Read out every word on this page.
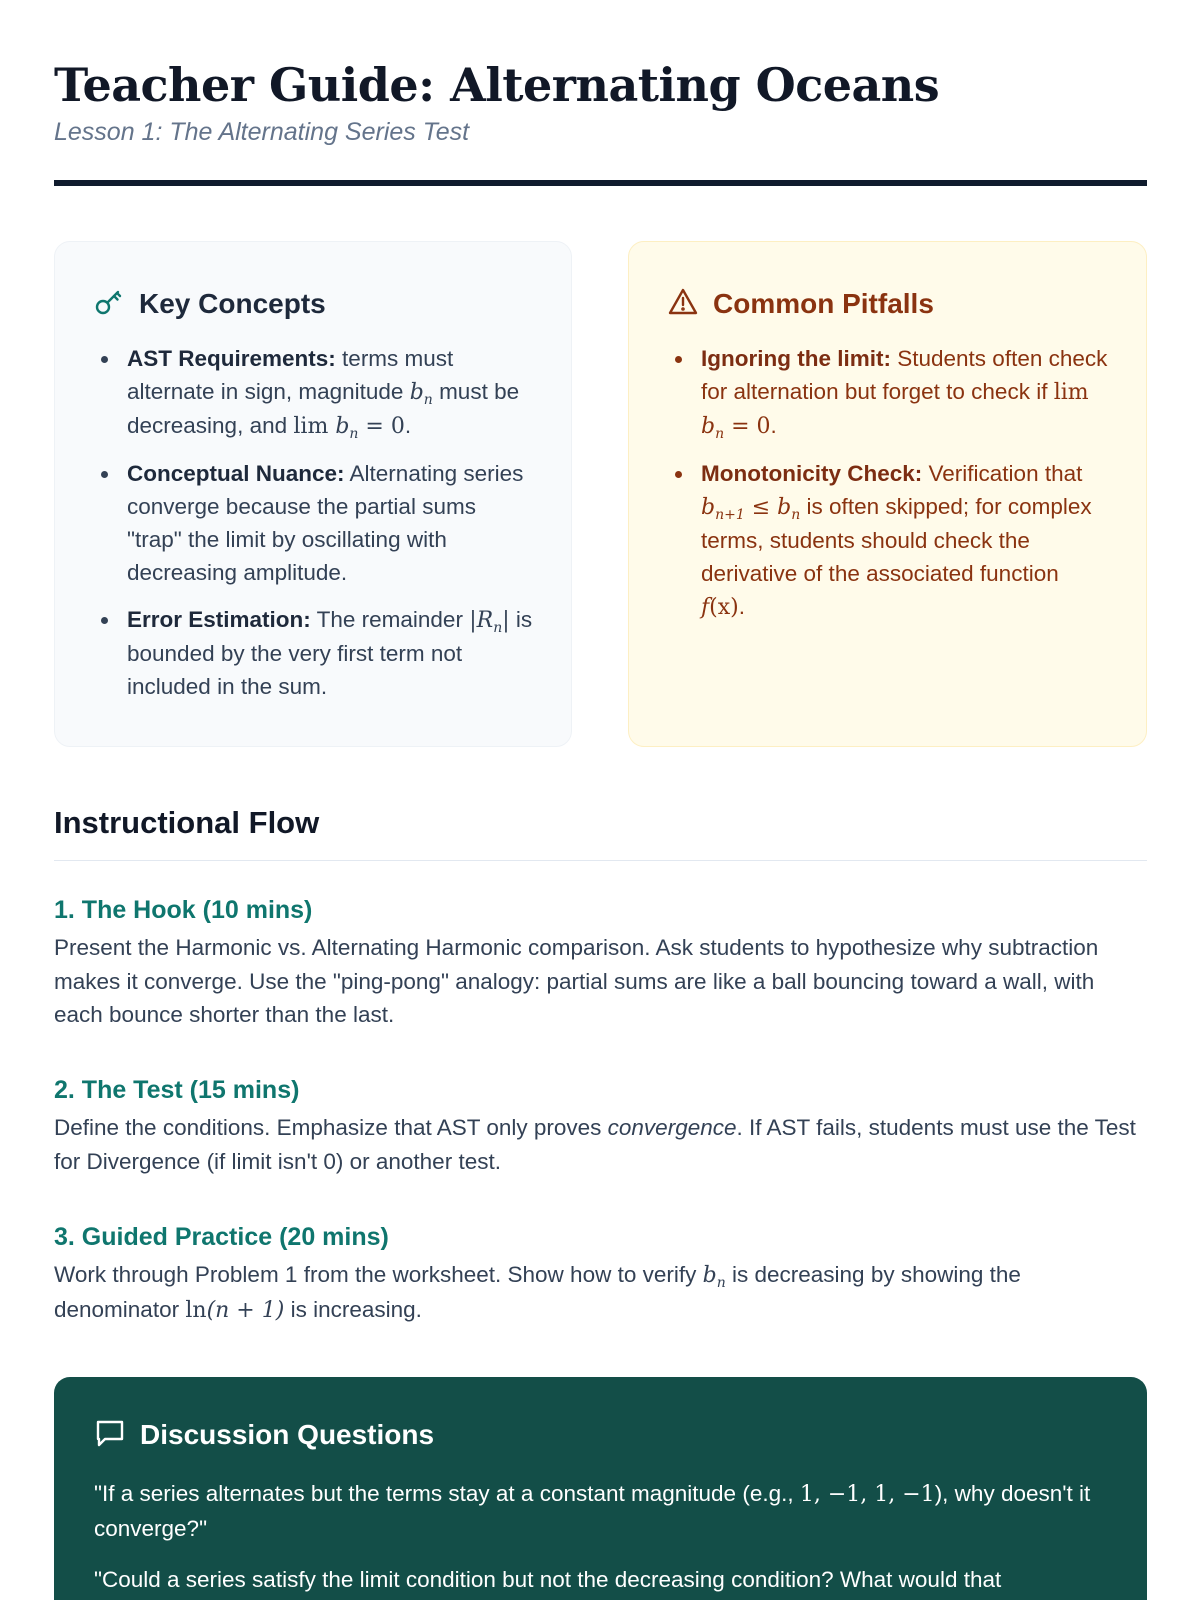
Teacher Guide: Alternating Oceans
Lesson 1: The Alternating Series Test
Key Concepts
AST Requirements: terms must alternate in sign, magnitude $b_n$ must be decreasing, and $\lim b_n = 0$.
Conceptual Nuance: Alternating series converge because the partial sums "trap" the limit by oscillating with decreasing amplitude.
Error Estimation: The remainder $|R_n|$ is bounded by the very first term not included in the sum.
Common Pitfalls
Ignoring the limit: Students often check for alternation but forget to check if $\lim b_n = 0$.
Monotonicity Check: Verification that $b_{n+1} \le b_n$ is often skipped; for complex terms, students should check the derivative of the associated function f(x).
Instructional Flow
1. The Hook (10 mins)

Present the Harmonic vs. Alternating Harmonic comparison. Ask students to hypothesize why subtraction makes it converge. Use the "ping-pong" analogy: partial sums are like a ball bouncing toward a wall, with each bounce shorter than the last.

2. The Test (15 mins)

Define the conditions. Emphasize that AST only proves convergence. If AST fails, students must use the Test for Divergence (if limit isn't 0) or another test.

3. Guided Practice (20 mins)

Work through Problem 1 from the worksheet. Show how to verify $b_n$ is decreasing by showing the denominator ln(n + 1) is increasing.

Discussion Questions

"If a series alternates but the terms stay at a constant magnitude (e.g., 1, −1, 1, −1), why doesn't it converge?"

"Could a series satisfy the limit condition but not the decreasing condition? What would that
